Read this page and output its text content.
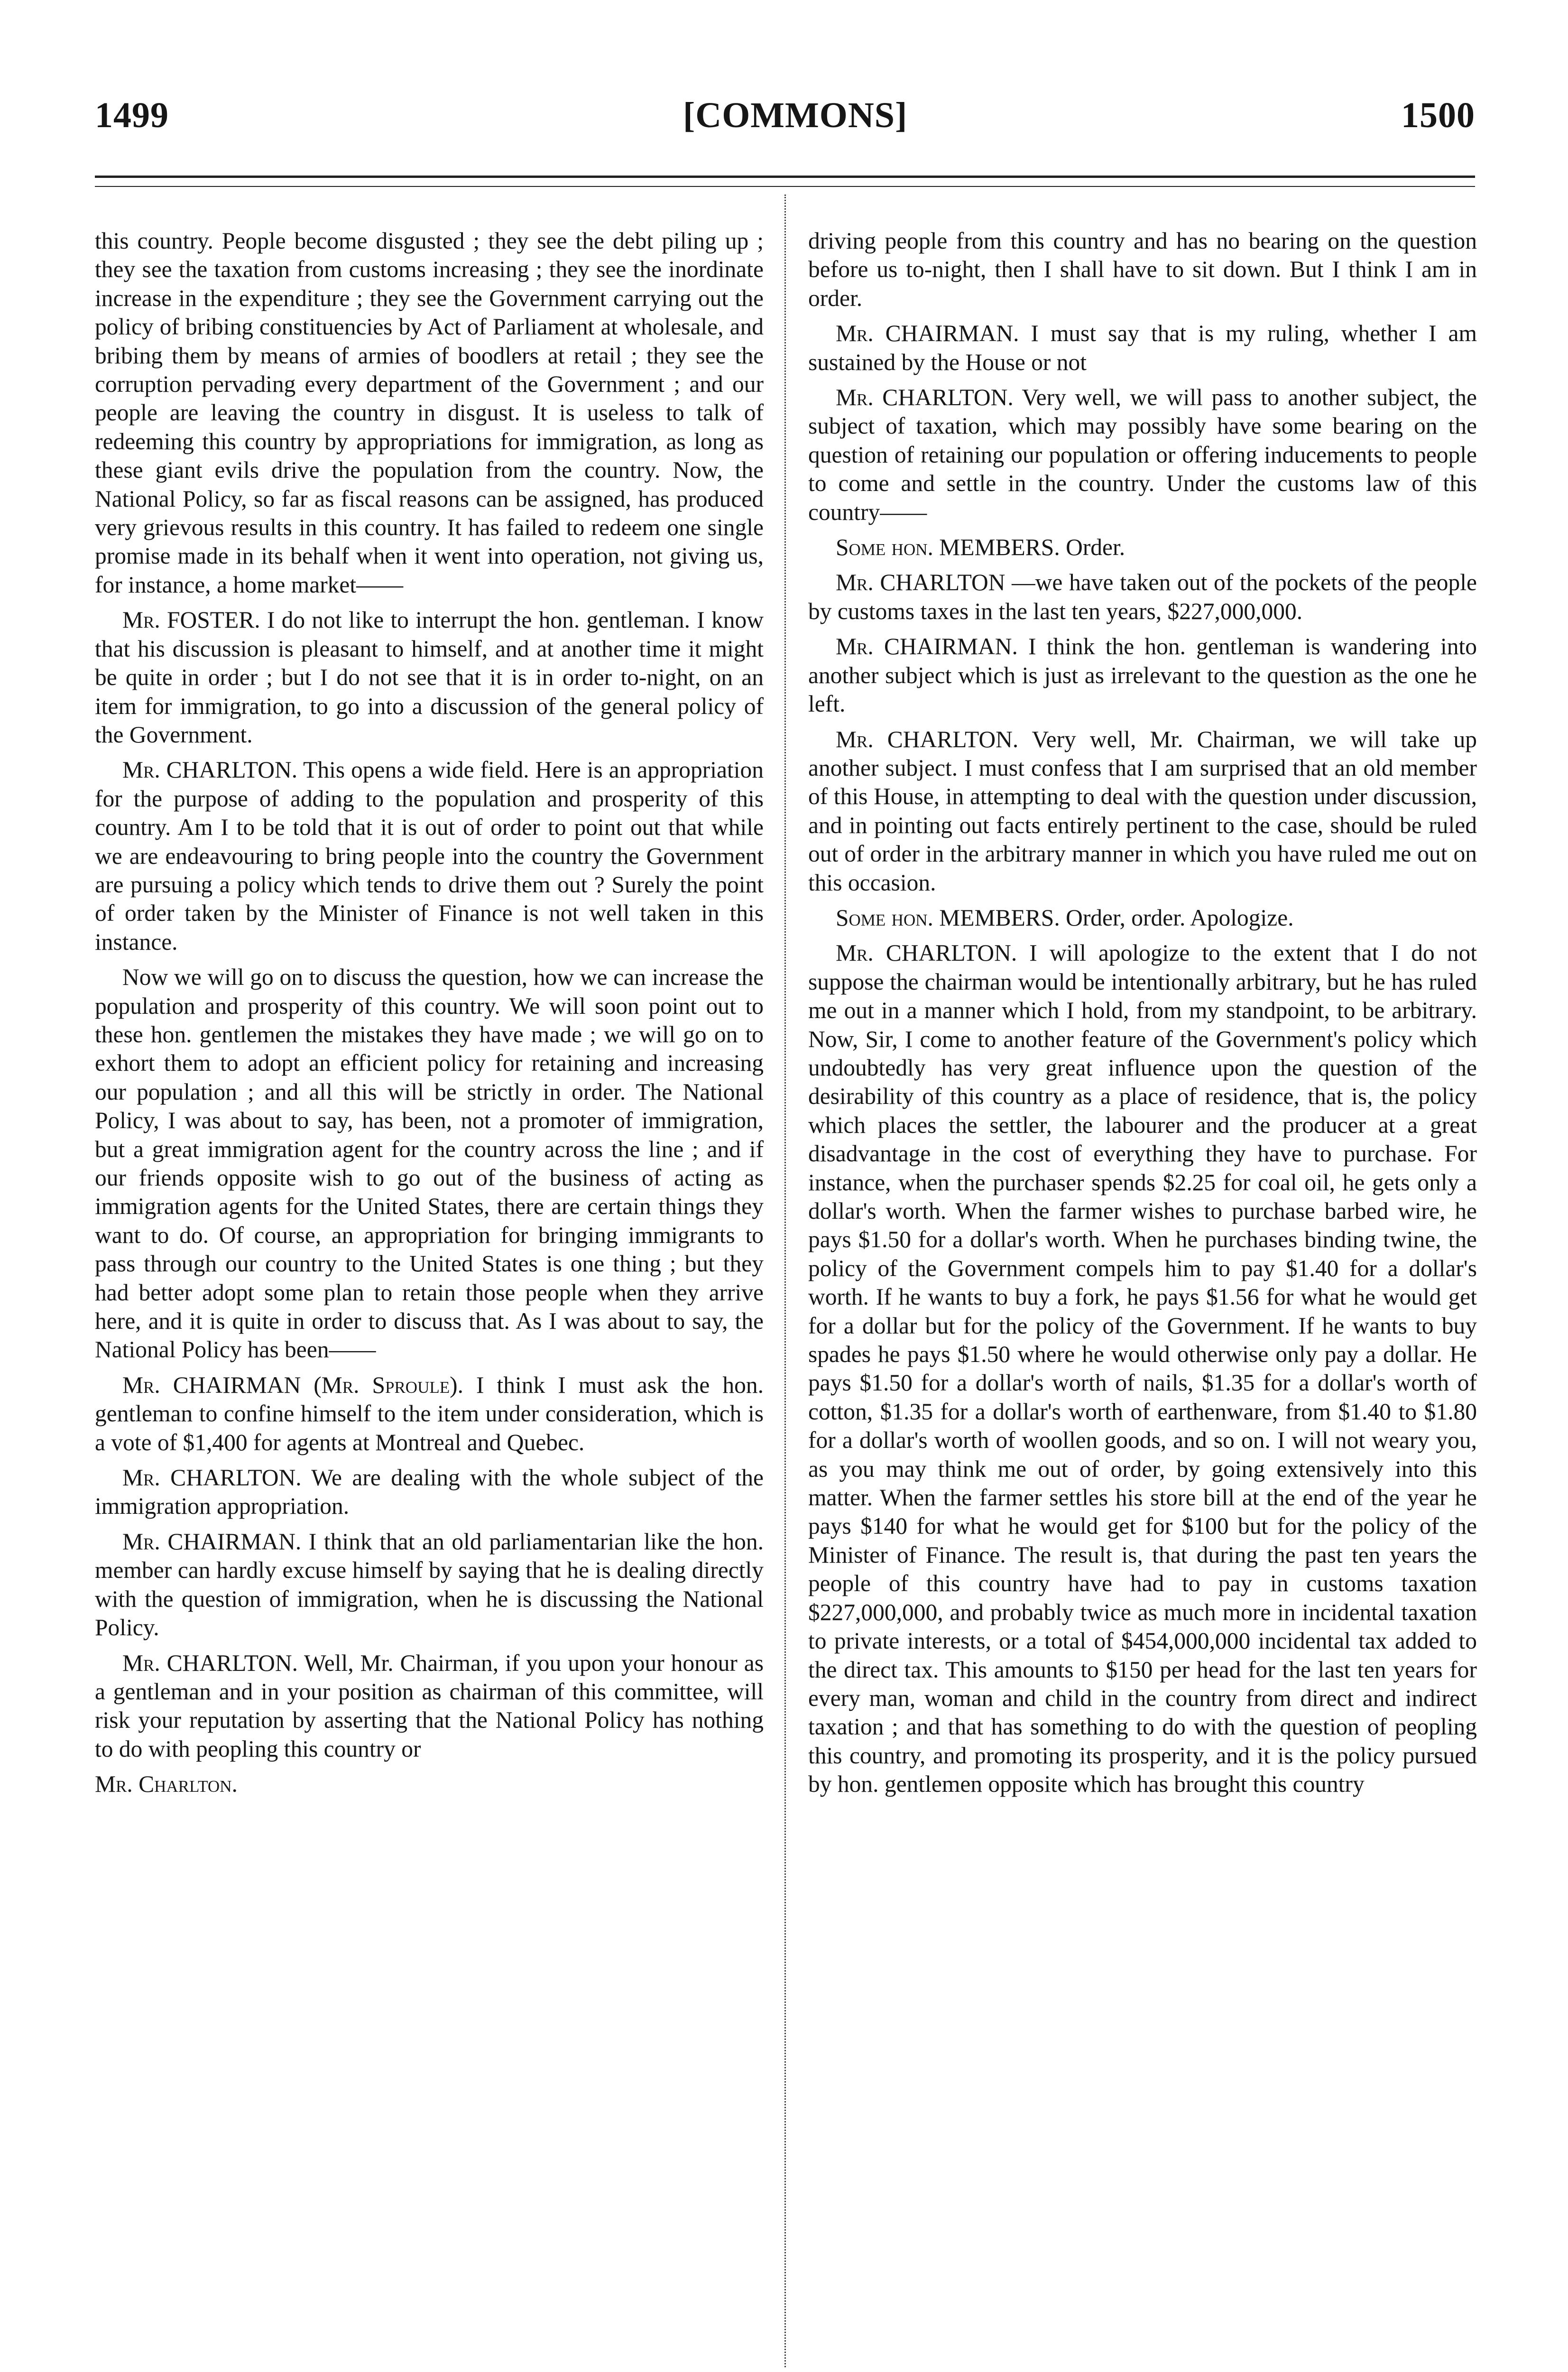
1499	[COMMONS]	1500

this country. People become disgusted ; they see the debt piling up ; they see the taxation from customs increasing ; they see the inordinate increase in the expenditure ; they see the Government carrying out the policy of bribing constituencies by Act of Parliament at wholesale, and bribing them by means of armies of boodlers at retail ; they see the corruption pervading every department of the Government ; and our people are leaving the country in disgust. It is useless to talk of redeeming this country by appropriations for immigration, as long as these giant evils drive the population from the country. Now, the National Policy, so far as fiscal reasons can be assigned, has produced very grievous results in this country. It has failed to redeem one single promise made in its behalf when it went into operation, not giving us, for instance, a home market——

Mr. FOSTER. I do not like to interrupt the hon. gentleman. I know that his discussion is pleasant to himself, and at another time it might be quite in order ; but I do not see that it is in order to-night, on an item for immigration, to go into a discussion of the general policy of the Government.

Mr. CHARLTON. This opens a wide field. Here is an appropriation for the purpose of adding to the population and prosperity of this country. Am I to be told that it is out of order to point out that while we are endeavouring to bring people into the country the Government are pursuing a policy which tends to drive them out ? Surely the point of order taken by the Minister of Finance is not well taken in this instance.

Now we will go on to discuss the question, how we can increase the population and prosperity of this country. We will soon point out to these hon. gentlemen the mistakes they have made ; we will go on to exhort them to adopt an efficient policy for retaining and increasing our population ; and all this will be strictly in order. The National Policy, I was about to say, has been, not a promoter of immigration, but a great immigration agent for the country across the line ; and if our friends opposite wish to go out of the business of acting as immigration agents for the United States, there are certain things they want to do. Of course, an appropriation for bringing immigrants to pass through our country to the United States is one thing ; but they had better adopt some plan to retain those people when they arrive here, and it is quite in order to discuss that. As I was about to say, the National Policy has been——

Mr. CHAIRMAN (Mr. Sproule). I think I must ask the hon. gentleman to confine himself to the item under consideration, which is a vote of $1,400 for agents at Montreal and Quebec.

Mr. CHARLTON. We are dealing with the whole subject of the immigration appropriation.

Mr. CHAIRMAN. I think that an old parliamentarian like the hon. member can hardly excuse himself by saying that he is dealing directly with the question of immigration, when he is discussing the National Policy.

Mr. CHARLTON. Well, Mr. Chairman, if you upon your honour as a gentleman and in your position as chairman of this committee, will risk your reputation by asserting that the National Policy has nothing to do with peopling this country or

Mr. Charlton.

driving people from this country and has no bearing on the question before us to-night, then I shall have to sit down. But I think I am in order.

Mr. CHAIRMAN. I must say that is my ruling, whether I am sustained by the House or not

Mr. CHARLTON. Very well, we will pass to another subject, the subject of taxation, which may possibly have some bearing on the question of retaining our population or offering inducements to people to come and settle in the country. Under the customs law of this country——

Some hon. MEMBERS. Order.

Mr. CHARLTON —we have taken out of the pockets of the people by customs taxes in the last ten years, $227,000,000.

Mr. CHAIRMAN. I think the hon. gentleman is wandering into another subject which is just as irrelevant to the question as the one he left.

Mr. CHARLTON. Very well, Mr. Chairman, we will take up another subject. I must confess that I am surprised that an old member of this House, in attempting to deal with the question under discussion, and in pointing out facts entirely pertinent to the case, should be ruled out of order in the arbitrary manner in which you have ruled me out on this occasion.

Some hon. MEMBERS. Order, order. Apologize.

Mr. CHARLTON. I will apologize to the extent that I do not suppose the chairman would be intentionally arbitrary, but he has ruled me out in a manner which I hold, from my standpoint, to be arbitrary. Now, Sir, I come to another feature of the Government's policy which undoubtedly has very great influence upon the question of the desirability of this country as a place of residence, that is, the policy which places the settler, the labourer and the producer at a great disadvantage in the cost of everything they have to purchase. For instance, when the purchaser spends $2.25 for coal oil, he gets only a dollar's worth. When the farmer wishes to purchase barbed wire, he pays $1.50 for a dollar's worth. When he purchases binding twine, the policy of the Government compels him to pay $1.40 for a dollar's worth. If he wants to buy a fork, he pays $1.56 for what he would get for a dollar but for the policy of the Government. If he wants to buy spades he pays $1.50 where he would otherwise only pay a dollar. He pays $1.50 for a dollar's worth of nails, $1.35 for a dollar's worth of cotton, $1.35 for a dollar's worth of earthenware, from $1.40 to $1.80 for a dollar's worth of woollen goods, and so on. I will not weary you, as you may think me out of order, by going extensively into this matter. When the farmer settles his store bill at the end of the year he pays $140 for what he would get for $100 but for the policy of the Minister of Finance. The result is, that during the past ten years the people of this country have had to pay in customs taxation $227,000,000, and probably twice as much more in incidental taxation to private interests, or a total of $454,000,000 incidental tax added to the direct tax. This amounts to $150 per head for the last ten years for every man, woman and child in the country from direct and indirect taxation ; and that has something to do with the question of peopling this country, and promoting its prosperity, and it is the policy pursued by hon. gentlemen opposite which has brought this country
